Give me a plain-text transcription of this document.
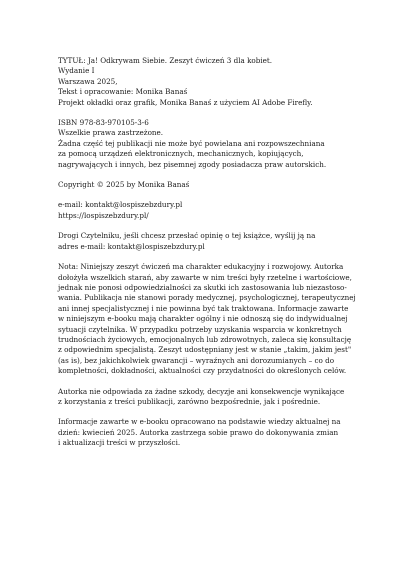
TYTUŁ: Ja! Odkrywam Siebie. Zeszyt ćwiczeń 3 dla kobiet.
Wydanie I
Warszawa 2025,
Tekst i opracowanie: Monika Banaś
Projekt okładki oraz grafik, Monika Banaś z użyciem AI Adobe Firefly.
ISBN 978-83-970105-3-6
Wszelkie prawa zastrzeżone.
Żadna część tej publikacji nie może być powielana ani rozpowszechniana
za pomocą urządzeń elektronicznych, mechanicznych, kopiujących,
nagrywających i innych, bez pisemnej zgody posiadacza praw autorskich.
Copyright © 2025 by Monika Banaś
e-mail: kontakt@lospiszebzdury.pl
https://lospiszebzdury.pl/
Drogi Czytelniku, jeśli chcesz przesłać opinię o tej książce, wyślij ją na
adres e-mail: kontakt@lospiszebzdury.pl
Nota: Niniejszy zeszyt ćwiczeń ma charakter edukacyjny i rozwojowy. Autorka
dołożyła wszelkich starań, aby zawarte w nim treści były rzetelne i wartościowe,
jednak nie ponosi odpowiedzialności za skutki ich zastosowania lub niezastoso-
wania. Publikacja nie stanowi porady medycznej, psychologicznej, terapeutycznej
ani innej specjalistycznej i nie powinna być tak traktowana. Informacje zawarte
w niniejszym e-booku mają charakter ogólny i nie odnoszą się do indywidualnej
sytuacji czytelnika. W przypadku potrzeby uzyskania wsparcia w konkretnych
trudnościach życiowych, emocjonalnych lub zdrowotnych, zaleca się konsultację
z odpowiednim specjalistą. Zeszyt udostępniany jest w stanie „takim, jakim jest"
(as is), bez jakichkolwiek gwarancji – wyraźnych ani dorozumianych – co do
kompletności, dokładności, aktualności czy przydatności do określonych celów.
Autorka nie odpowiada za żadne szkody, decyzje ani konsekwencje wynikające
z korzystania z treści publikacji, zarówno bezpośrednie, jak i pośrednie.
Informacje zawarte w e-booku opracowano na podstawie wiedzy aktualnej na
dzień: kwiecień 2025. Autorka zastrzega sobie prawo do dokonywania zmian
i aktualizacji treści w przyszłości.
